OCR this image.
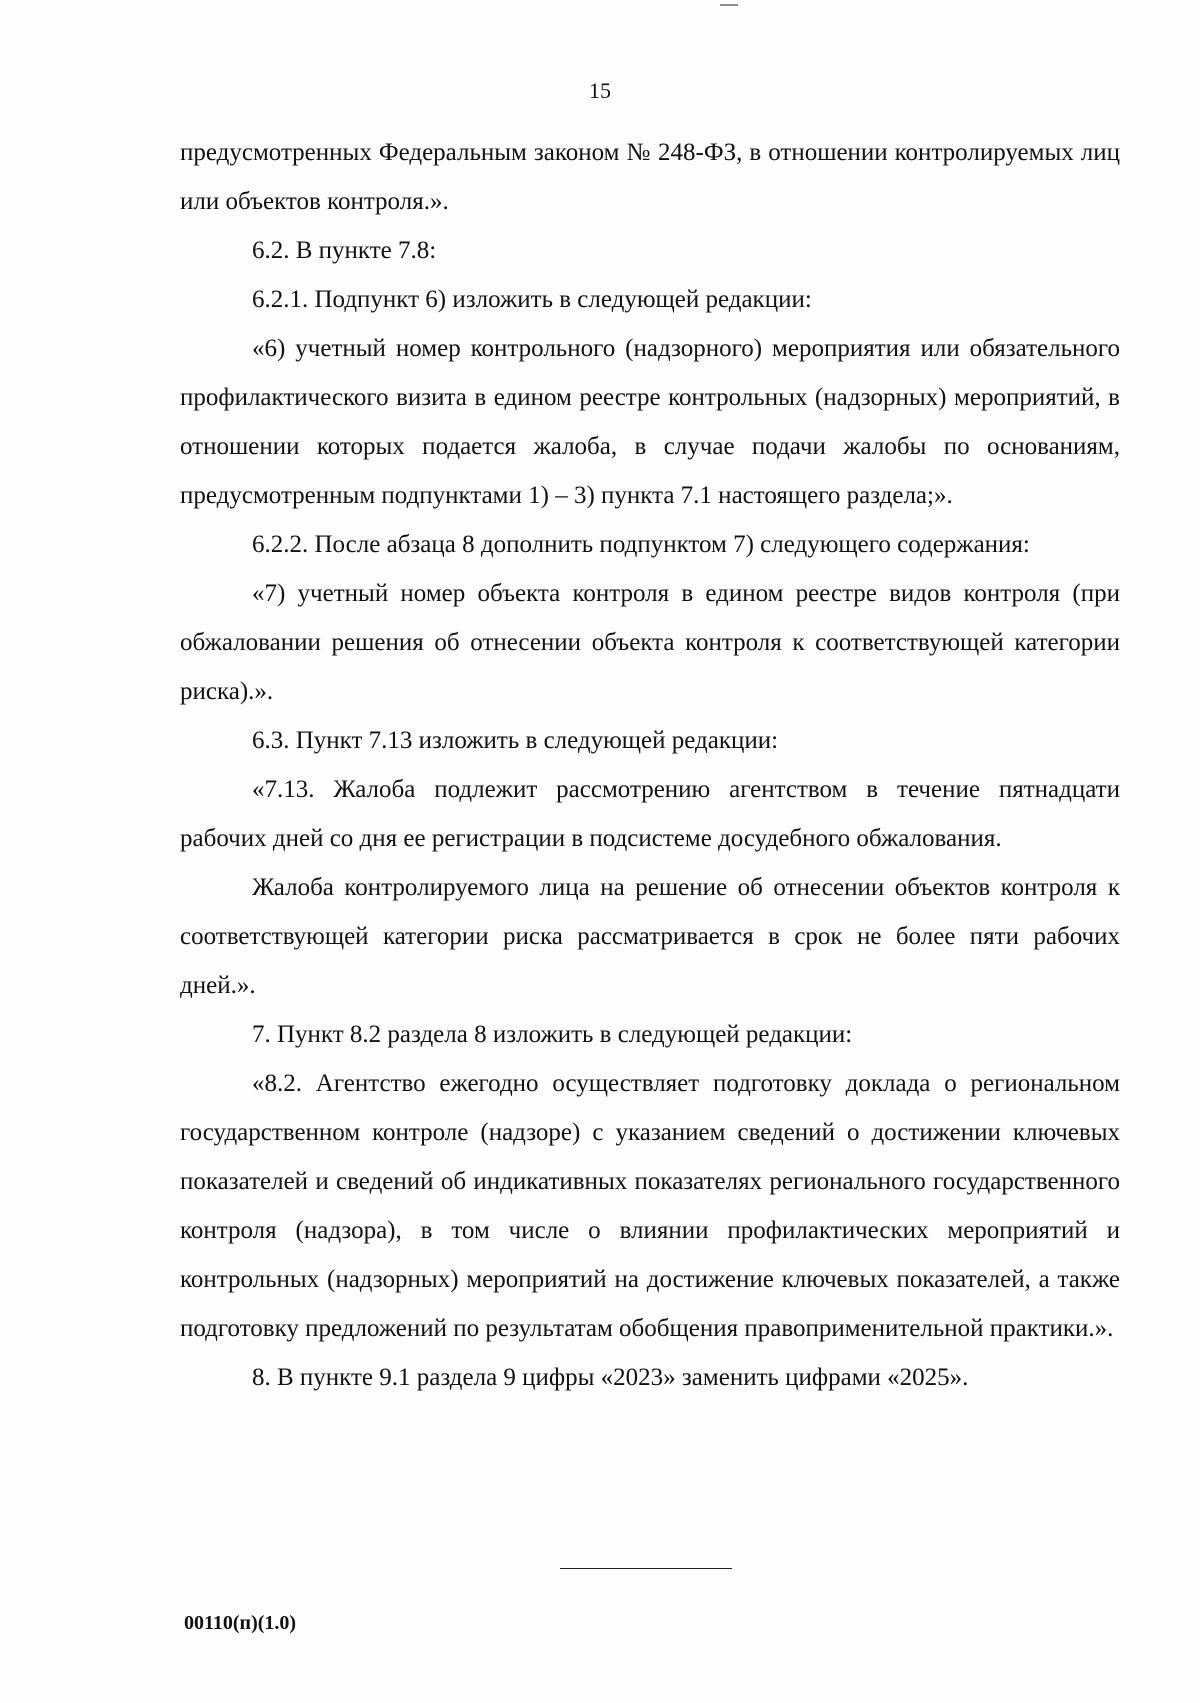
15

предусмотренных Федеральным законом № 248-ФЗ, в отношении контролируемых лиц или объектов контроля.».

6.2. В пункте 7.8:

6.2.1. Подпункт 6) изложить в следующей редакции:

«6) учетный номер контрольного (надзорного) мероприятия или обязательного профилактического визита в едином реестре контрольных (надзорных) мероприятий, в отношении которых подается жалоба, в случае подачи жалобы по основаниям, предусмотренным подпунктами 1) – 3) пункта 7.1 настоящего раздела;».

6.2.2. После абзаца 8 дополнить подпунктом 7) следующего содержания:

«7) учетный номер объекта контроля в едином реестре видов контроля (при обжаловании решения об отнесении объекта контроля к соответствующей категории риска).».

6.3. Пункт 7.13 изложить в следующей редакции:

«7.13. Жалоба подлежит рассмотрению агентством в течение пятнадцати рабочих дней со дня ее регистрации в подсистеме досудебного обжалования.

Жалоба контролируемого лица на решение об отнесении объектов контроля к соответствующей категории риска рассматривается в срок не более пяти рабочих дней.».

7. Пункт 8.2 раздела 8 изложить в следующей редакции:

«8.2. Агентство ежегодно осуществляет подготовку доклада о региональном государственном контроле (надзоре) с указанием сведений о достижении ключевых показателей и сведений об индикативных показателях регионального государственного контроля (надзора), в том числе о влиянии профилактических мероприятий и контрольных (надзорных) мероприятий на достижение ключевых показателей, а также подготовку предложений по результатам обобщения правоприменительной практики.».

8. В пункте 9.1 раздела 9 цифры «2023» заменить цифрами «2025».

00110(п)(1.0)
